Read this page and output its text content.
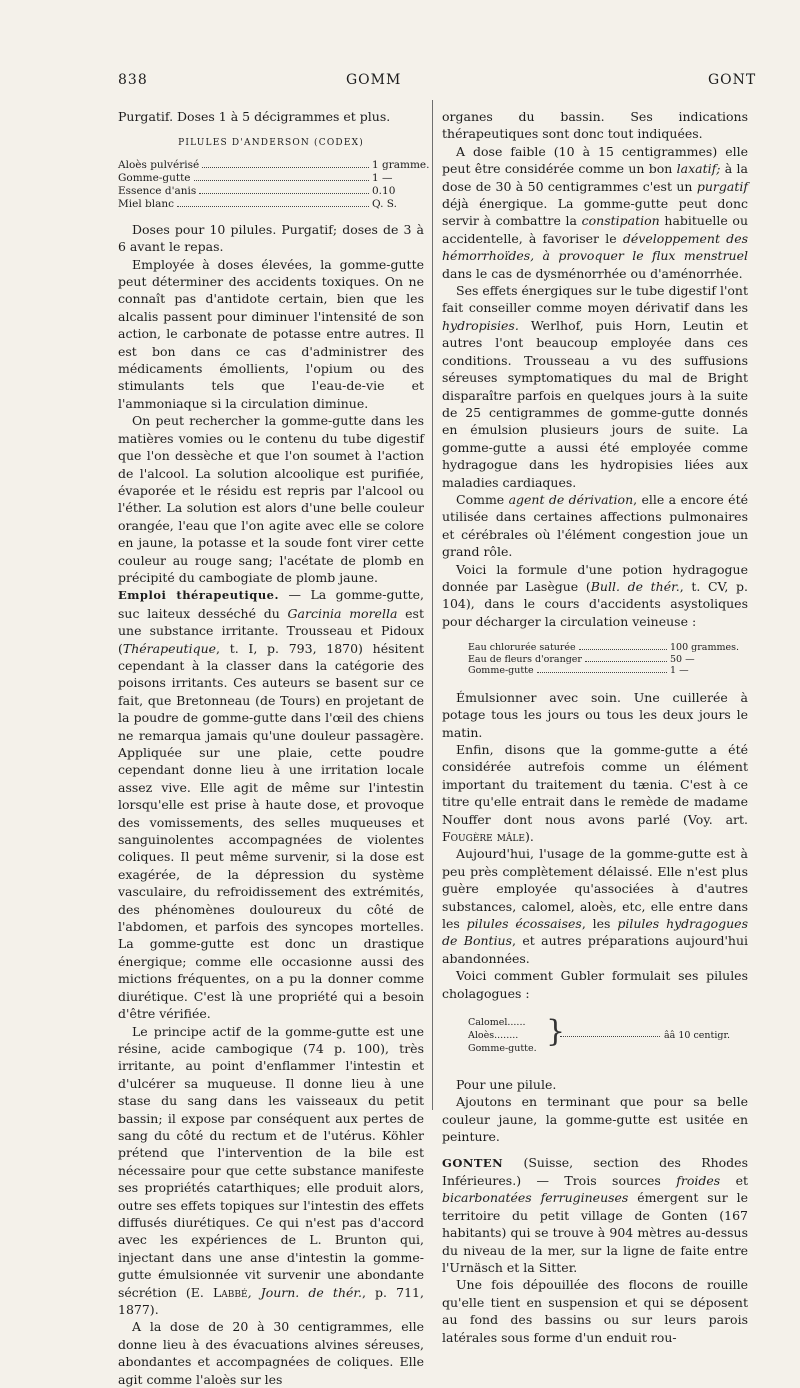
838	GOMM	GONT

Purgatif. Doses 1 à 5 décigrammes et plus.

PILULES D'ANDERSON (CODEX)
Aloès pulvérisé	1 gramme.
Gomme-gutte	1 —
Essence d'anis	0.10
Miel blanc	Q. S.

Doses pour 10 pilules. Purgatif; doses de 3 à 6 avant le repas.

Employée à doses élevées, la gomme-gutte peut déterminer des accidents toxiques. On ne connaît pas d'antidote certain, bien que les alcalis passent pour diminuer l'intensité de son action, le carbonate de potasse entre autres. Il est bon dans ce cas d'administrer des médicaments émollients, l'opium ou des stimulants tels que l'eau-de-vie et l'ammoniaque si la circulation diminue.

On peut rechercher la gomme-gutte dans les matières vomies ou le contenu du tube digestif que l'on dessèche et que l'on soumet à l'action de l'alcool. La solution alcoolique est purifiée, évaporée et le résidu est repris par l'alcool ou l'éther. La solution est alors d'une belle couleur orangée, l'eau que l'on agite avec elle se colore en jaune, la potasse et la soude font virer cette couleur au rouge sang; l'acétate de plomb en précipité du cambogiate de plomb jaune.

Emploi thérapeutique. — La gomme-gutte, suc laiteux desséché du Garcinia morella est une substance irritante. Trousseau et Pidoux (Thérapeutique, t. I, p. 793, 1870) hésitent cependant à la classer dans la catégorie des poisons irritants. Ces auteurs se basent sur ce fait, que Bretonneau (de Tours) en projetant de la poudre de gomme-gutte dans l'œil des chiens ne remarqua jamais qu'une douleur passagère. Appliquée sur une plaie, cette poudre cependant donne lieu à une irritation locale assez vive. Elle agit de même sur l'intestin lorsqu'elle est prise à haute dose, et provoque des vomissements, des selles muqueuses et sanguinolentes accompagnées de violentes coliques. Il peut même survenir, si la dose est exagérée, de la dépression du système vasculaire, du refroidissement des extrémités, des phénomènes douloureux du côté de l'abdomen, et parfois des syncopes mortelles. La gomme-gutte est donc un drastique énergique; comme elle occasionne aussi des mictions fréquentes, on a pu la donner comme diurétique. C'est là une propriété qui a besoin d'être vérifiée.

Le principe actif de la gomme-gutte est une résine, acide cambogique (74 p. 100), très irritante, au point d'enflammer l'intestin et d'ulcérer sa muqueuse. Il donne lieu à une stase du sang dans les vaisseaux du petit bassin; il expose par conséquent aux pertes de sang du côté du rectum et de l'utérus. Köhler prétend que l'intervention de la bile est nécessaire pour que cette substance manifeste ses propriétés catarthiques; elle produit alors, outre ses effets topiques sur l'intestin des effets diffusés diurétiques. Ce qui n'est pas d'accord avec les expériences de L. Brunton qui, injectant dans une anse d'intestin la gomme-gutte émulsionnée vit survenir une abondante sécrétion (E. Labbé, Journ. de thér., p. 711, 1877).

A la dose de 20 à 30 centigrammes, elle donne lieu à des évacuations alvines séreuses, abondantes et accompagnées de coliques. Elle agit comme l'aloès sur les

organes du bassin. Ses indications thérapeutiques sont donc tout indiquées.

A dose faible (10 à 15 centigrammes) elle peut être considérée comme un bon laxatif; à la dose de 30 à 50 centigrammes c'est un purgatif déjà énergique. La gomme-gutte peut donc servir à combattre la constipation habituelle ou accidentelle, à favoriser le développement des hémorrhoïdes, à provoquer le flux menstruel dans le cas de dysménorrhée ou d'aménorrhée.

Ses effets énergiques sur le tube digestif l'ont fait conseiller comme moyen dérivatif dans les hydropisies. Werlhof, puis Horn, Leutin et autres l'ont beaucoup employée dans ces conditions. Trousseau a vu des suffusions séreuses symptomatiques du mal de Bright disparaître parfois en quelques jours à la suite de 25 centigrammes de gomme-gutte donnés en émulsion plusieurs jours de suite. La gomme-gutte a aussi été employée comme hydragogue dans les hydropisies liées aux maladies cardiaques.

Comme agent de dérivation, elle a encore été utilisée dans certaines affections pulmonaires et cérébrales où l'élément congestion joue un grand rôle.

Voici la formule d'une potion hydragogue donnée par Lasègue (Bull. de thér., t. CV, p. 104), dans le cours d'accidents asystoliques pour décharger la circulation veineuse :

Eau chlorurée saturée	100 grammes.
Eau de fleurs d'oranger	50 —
Gomme-gutte	1 —

Émulsionner avec soin. Une cuillerée à potage tous les jours ou tous les deux jours le matin.

Enfin, disons que la gomme-gutte a été considérée autrefois comme un élément important du traitement du tænia. C'est à ce titre qu'elle entrait dans le remède de madame Nouffer dont nous avons parlé (Voy. art. Fougère mâle).

Aujourd'hui, l'usage de la gomme-gutte est à peu près complètement délaissé. Elle n'est plus guère employée qu'associées à d'autres substances, calomel, aloès, etc, elle entre dans les pilules écossaises, les pilules hydragogues de Bontius, et autres préparations aujourd'hui abandonnées.

Voici comment Gubler formulait ses pilules cholagogues :

Calomel......
Aloès........
Gomme-gutte. }	ââ 10 centigr.

Pour une pilule.

Ajoutons en terminant que pour sa belle couleur jaune, la gomme-gutte est usitée en peinture.

GONTEN (Suisse, section des Rhodes Inférieures.) — Trois sources froides et bicarbonatées ferrugineuses émergent sur le territoire du petit village de Gonten (167 habitants) qui se trouve à 904 mètres au-dessus du niveau de la mer, sur la ligne de faite entre l'Urnäsch et la Sitter.

Une fois dépouillée des flocons de rouille qu'elle tient en suspension et qui se déposent au fond des bassins ou sur leurs parois latérales sous forme d'un enduit rou-
